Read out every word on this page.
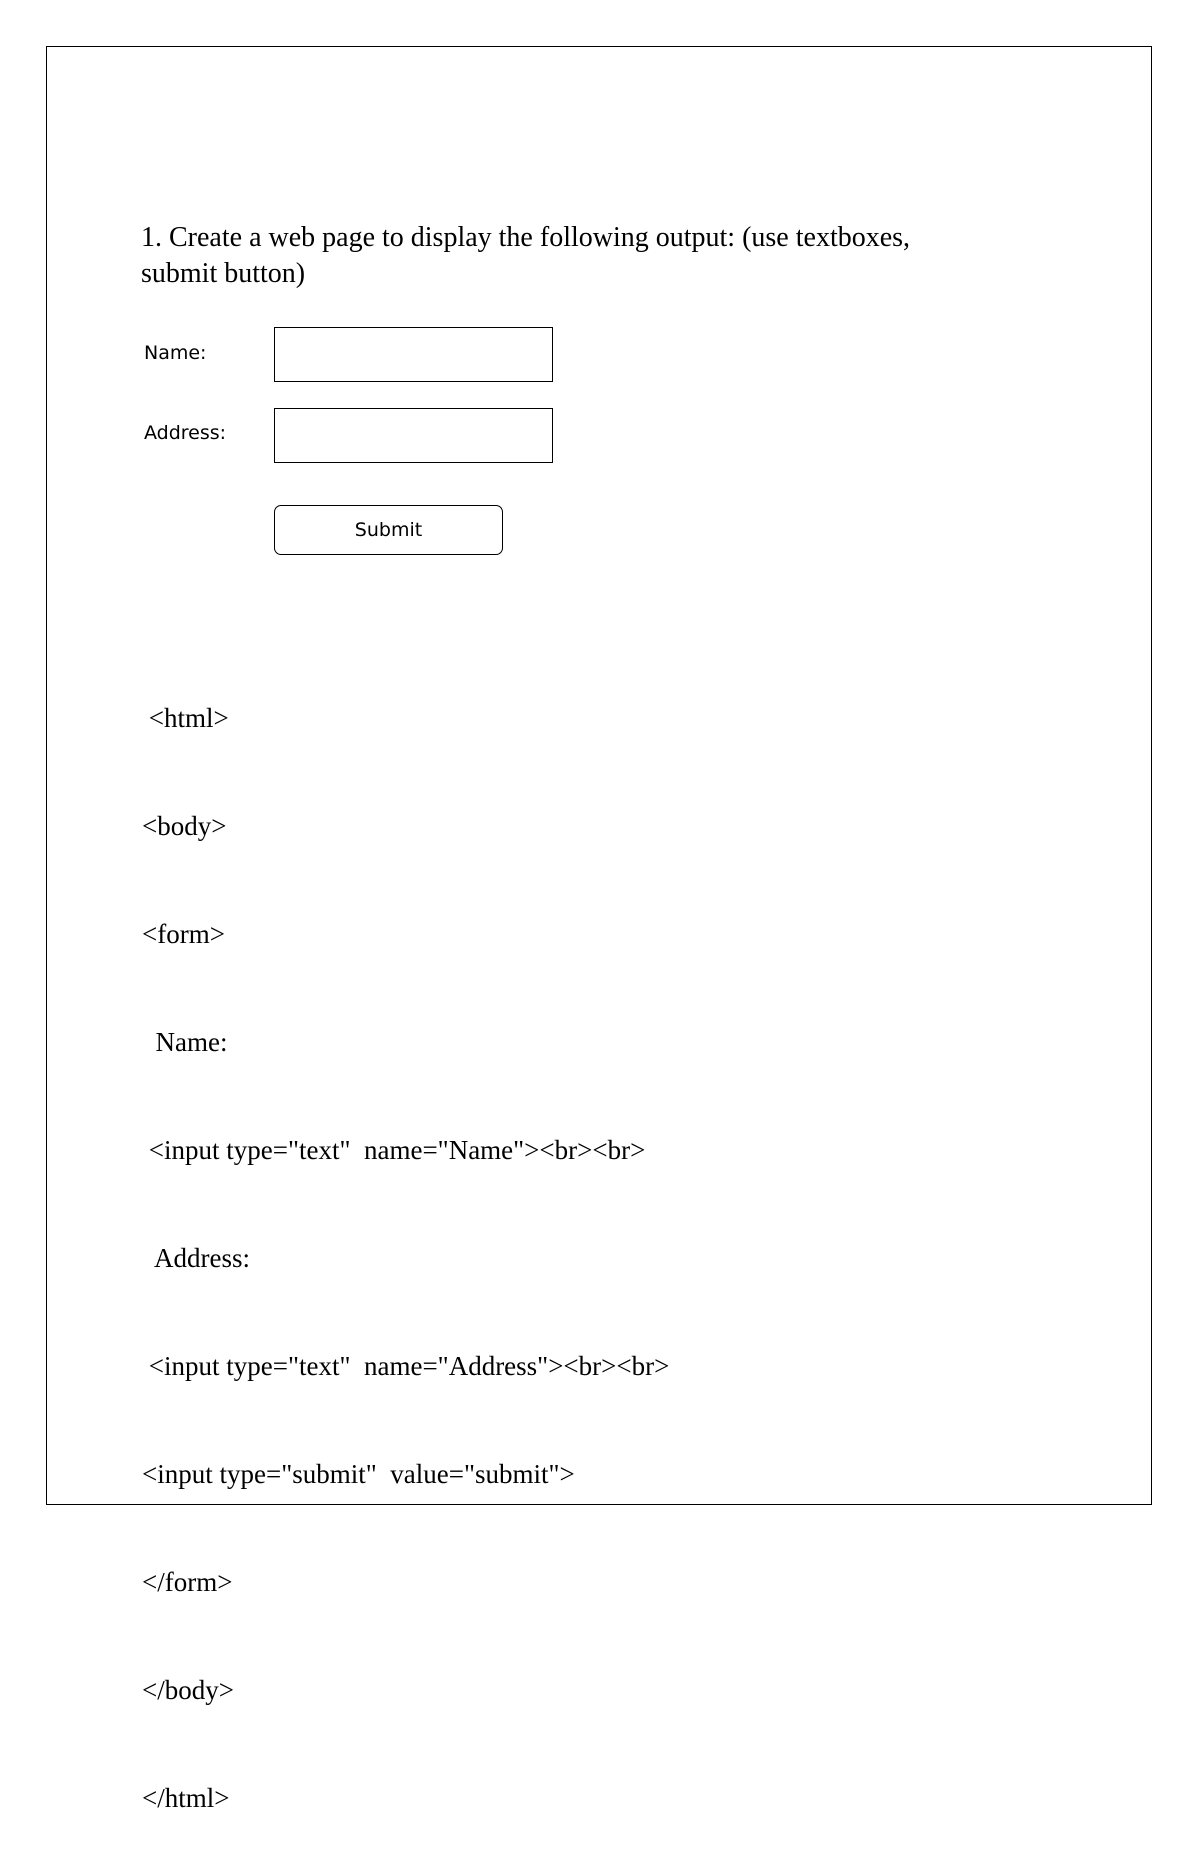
1. Create a web page to display the following output: (use textboxes,
submit button)
Name:
Address:
Submit

<html>

<body>

<form>

Name:

<input type="text"  name="Name"><br><br>

Address:

<input type="text"  name="Address"><br><br>

<input type="submit"  value="submit">

</form>

</body>

</html>
